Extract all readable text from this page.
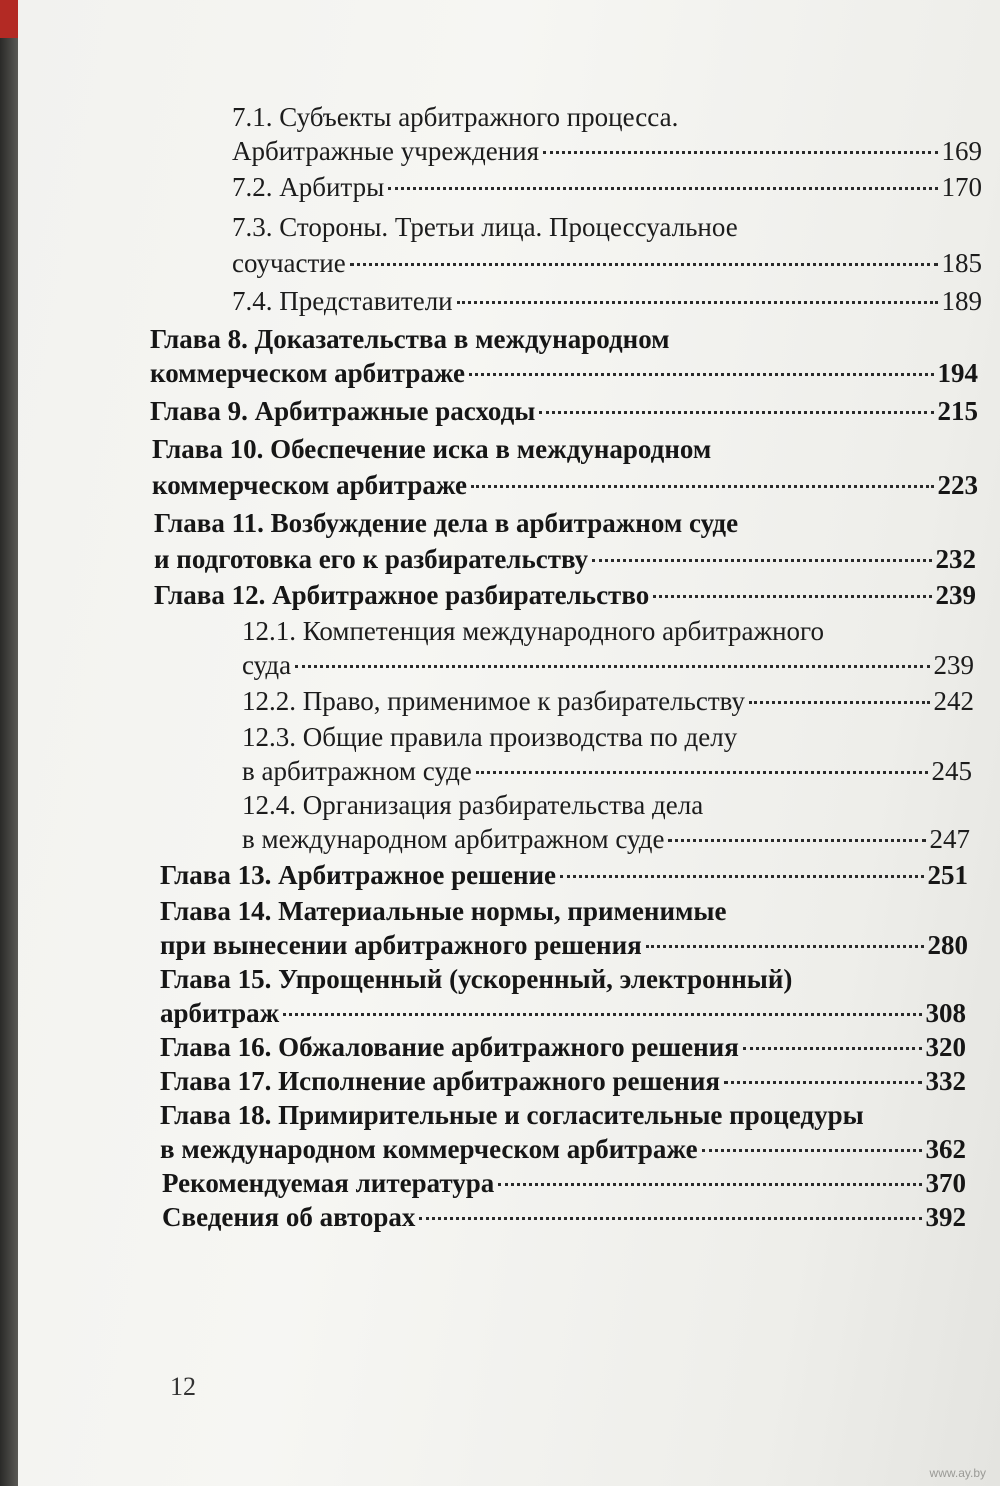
7.1. Субъекты арбитражного процесса.
Арбитражные учреждения	169
7.2. Арбитры	170
7.3. Стороны. Третьи лица. Процессуальное
соучастие	185
7.4. Представители	189
Глава 8. Доказательства в международном
коммерческом арбитраже	194
Глава 9. Арбитражные расходы	215
Глава 10. Обеспечение иска в международном
коммерческом арбитраже	223
Глава 11. Возбуждение дела в арбитражном суде
и подготовка его к разбирательству	232
Глава 12. Арбитражное разбирательство	239
12.1. Компетенция международного арбитражного
суда	239
12.2. Право, применимое к разбирательству	242
12.3. Общие правила производства по делу
в арбитражном суде	245
12.4. Организация разбирательства дела
в международном арбитражном суде	247
Глава 13. Арбитражное решение	251
Глава 14. Материальные нормы, применимые
при вынесении арбитражного решения	280
Глава 15. Упрощенный (ускоренный, электронный)
арбитраж	308
Глава 16. Обжалование арбитражного решения	320
Глава 17. Исполнение арбитражного решения	332
Глава 18. Примирительные и согласительные процедуры
в международном коммерческом арбитраже	362
Рекомендуемая литература	370
Сведения об авторах	392
12
www.ay.by
